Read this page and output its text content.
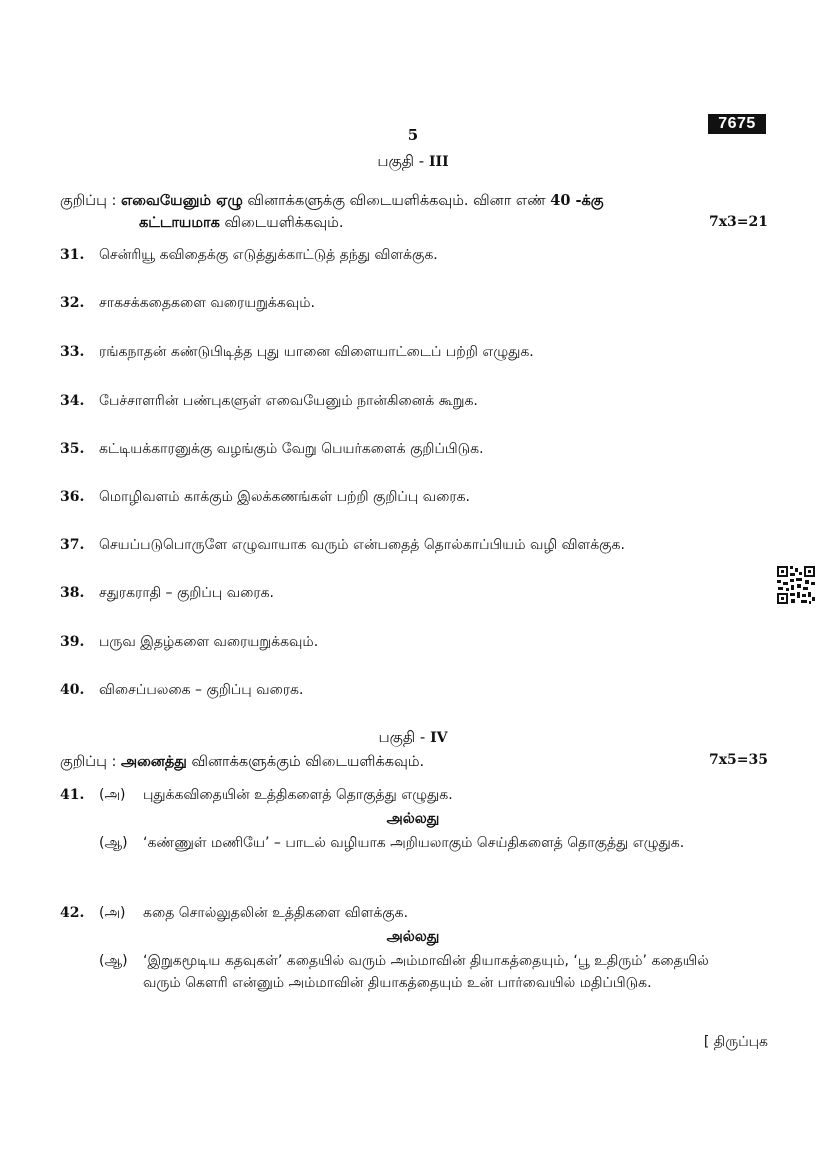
7675
5
பகுதி - III
குறிப்பு : எவையேனும் ஏழு வினாக்களுக்கு விடையளிக்கவும். வினா எண் 40 -க்கு
கட்டாயமாக விடையளிக்கவும்.	7x3=21
31. சென்ரியூ கவிதைக்கு எடுத்துக்காட்டுத் தந்து விளக்குக.
32. சாகசக்கதைகளை வரையறுக்கவும்.
33. ரங்கநாதன் கண்டுபிடித்த புது யானை விளையாட்டைப் பற்றி எழுதுக.
34. பேச்சாளரின் பண்புகளுள் எவையேனும் நான்கினைக் கூறுக.
35. கட்டியக்காரனுக்கு வழங்கும் வேறு பெயர்களைக் குறிப்பிடுக.
36. மொழிவளம் காக்கும் இலக்கணங்கள் பற்றி குறிப்பு வரைக.
37. செயப்படுபொருளே எழுவாயாக வரும் என்பதைத் தொல்காப்பியம் வழி விளக்குக.
38. சதுரகராதி – குறிப்பு வரைக.
39. பருவ இதழ்களை வரையறுக்கவும்.
40. விசைப்பலகை – குறிப்பு வரைக.
பகுதி - IV
குறிப்பு : அனைத்து வினாக்களுக்கும் விடையளிக்கவும்.	7x5=35
41. (அ)	புதுக்கவிதையின் உத்திகளைத் தொகுத்து எழுதுக.
அல்லது
(ஆ)	‘கண்ணுள் மணியே’ – பாடல் வழியாக அறியலாகும் செய்திகளைத் தொகுத்து எழுதுக.
42. (அ)	கதை சொல்லுதலின் உத்திகளை விளக்குக.
அல்லது
(ஆ)	‘இறுகமூடிய கதவுகள்’ கதையில் வரும் அம்மாவின் தியாகத்தையும், ‘பூ உதிரும்’ கதையில் வரும் கௌரி என்னும் அம்மாவின் தியாகத்தையும் உன் பார்வையில் மதிப்பிடுக.
[ திருப்புக
